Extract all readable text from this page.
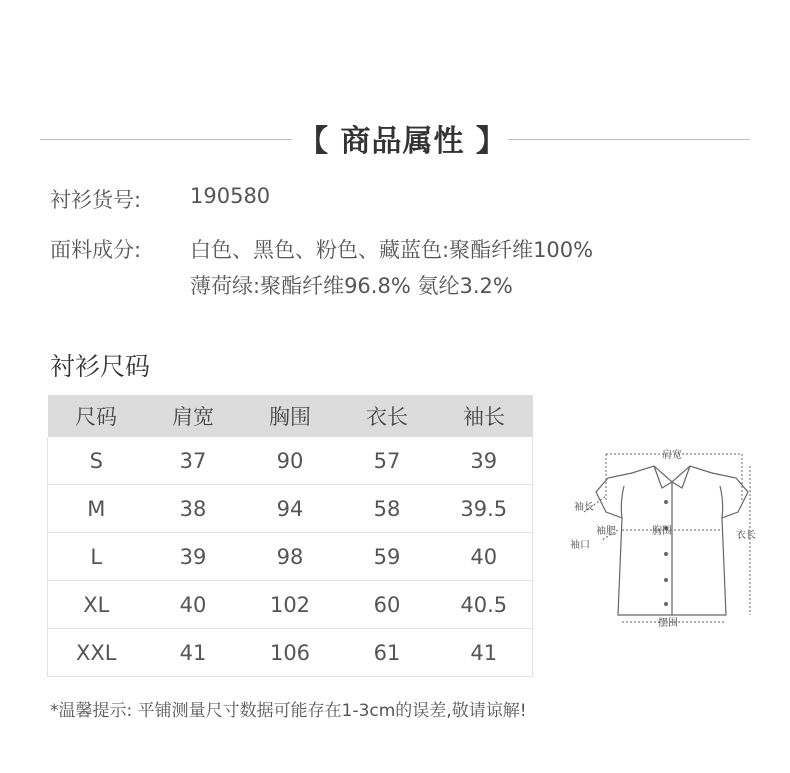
【 商品属性 】
衬衫货号: 190580
面料成分: 白色、黑色、粉色、藏蓝色:聚酯纤维100%
薄荷绿:聚酯纤维96.8% 氨纶3.2%
衬衫尺码
尺码	肩宽	胸围	衣长	袖长
S	37	90	57	39
M	38	94	58	39.5
L	39	98	59	40
XL	40	102	60	40.5
XXL	41	106	61	41
肩宽
袖长
袖肥	胸围
袖口
衣长
摆围
*温馨提示: 平铺测量尺寸数据可能存在1-3cm的误差,敬请谅解!
